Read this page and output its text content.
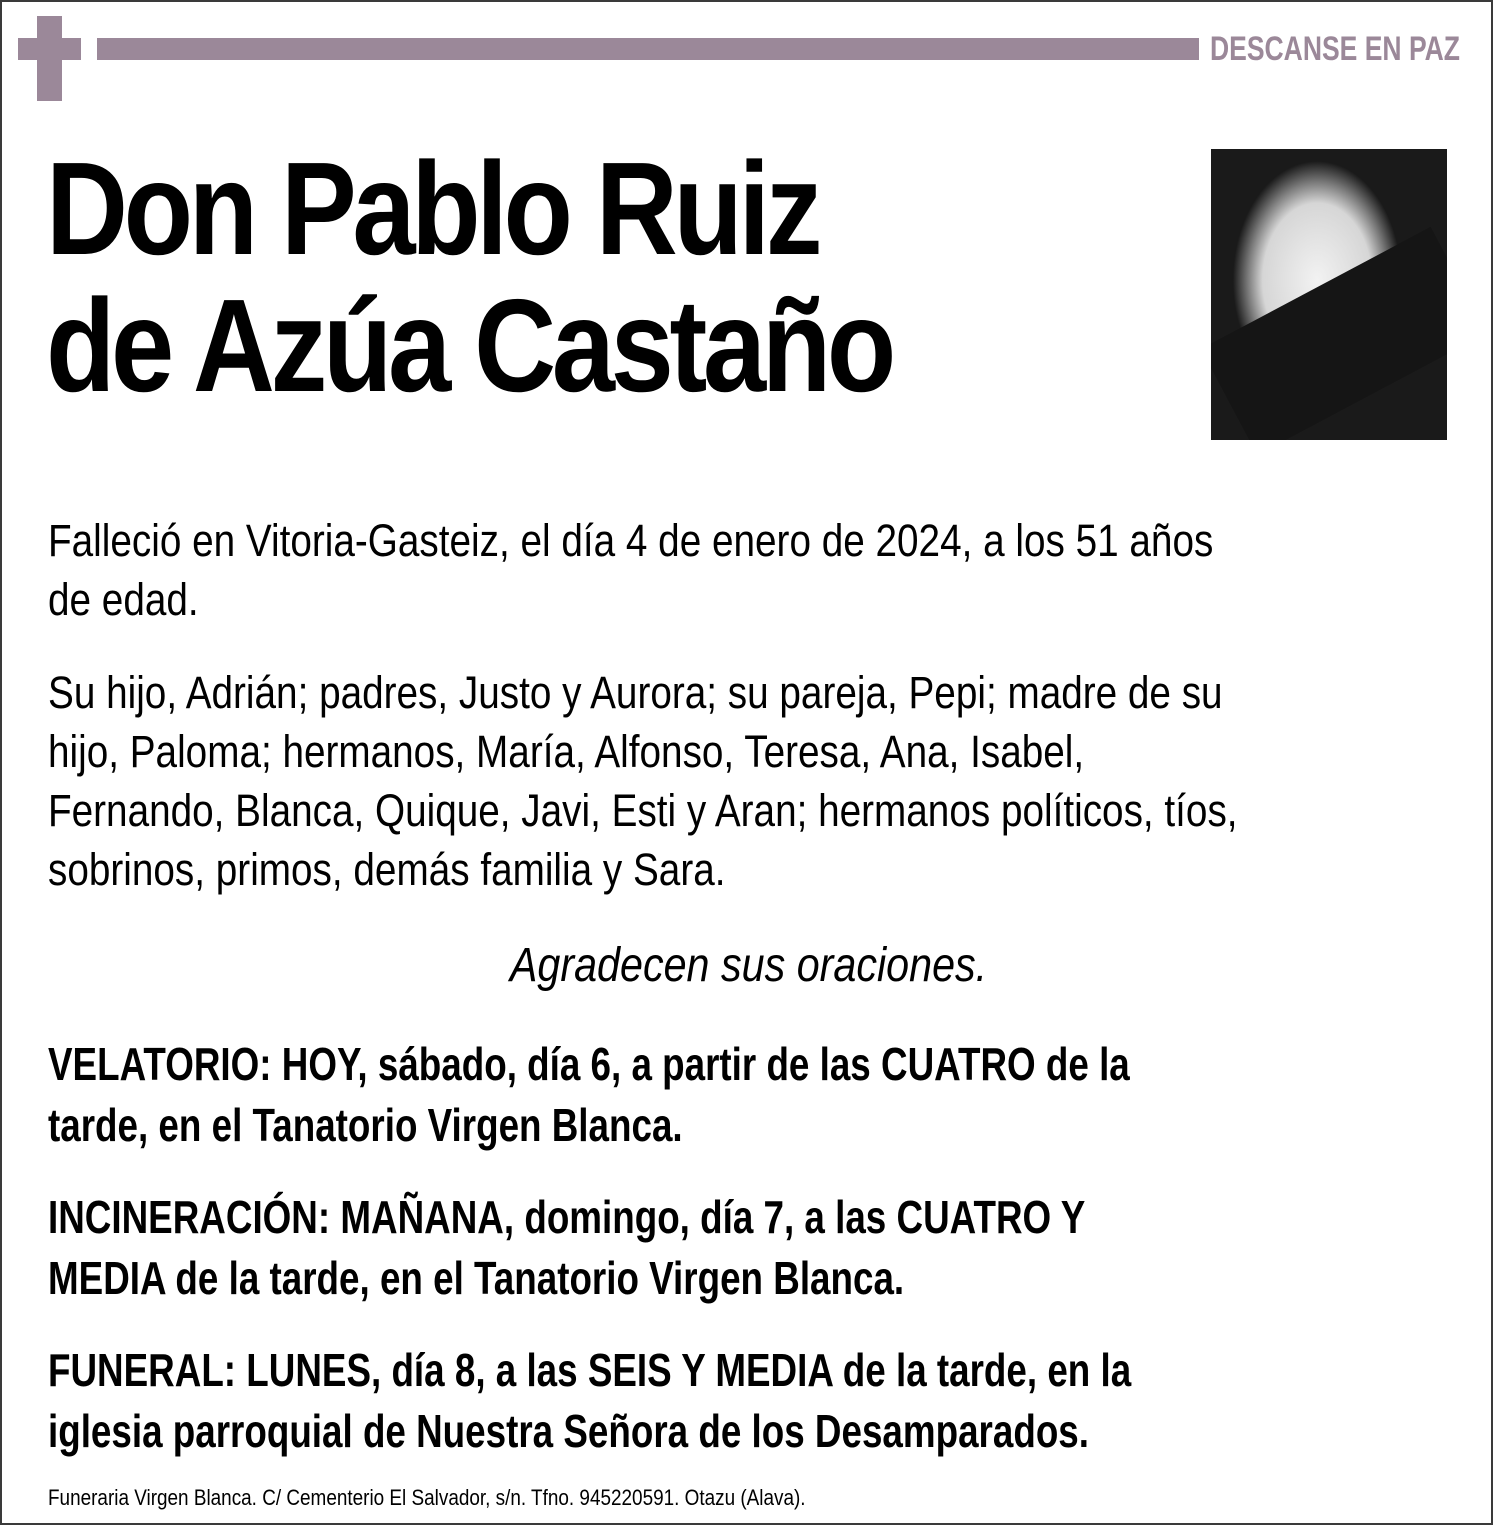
DESCANSE EN PAZ
Don Pablo Ruiz
de Azúa Castaño
Falleció en Vitoria-Gasteiz, el día 4 de enero de 2024, a los 51 años
de edad.
Su hijo, Adrián; padres, Justo y Aurora; su pareja, Pepi; madre de su
hijo, Paloma; hermanos, María, Alfonso, Teresa, Ana, Isabel,
Fernando, Blanca, Quique, Javi, Esti y Aran; hermanos políticos, tíos,
sobrinos, primos, demás familia y Sara.
Agradecen sus oraciones.
VELATORIO: HOY, sábado, día 6, a partir de las CUATRO de la
tarde, en el Tanatorio Virgen Blanca.
INCINERACIÓN: MAÑANA, domingo, día 7, a las CUATRO Y
MEDIA de la tarde, en el Tanatorio Virgen Blanca.
FUNERAL: LUNES, día 8, a las SEIS Y MEDIA de la tarde, en la
iglesia parroquial de Nuestra Señora de los Desamparados.
Funeraria Virgen Blanca. C/ Cementerio El Salvador, s/n. Tfno. 945220591. Otazu (Alava).
